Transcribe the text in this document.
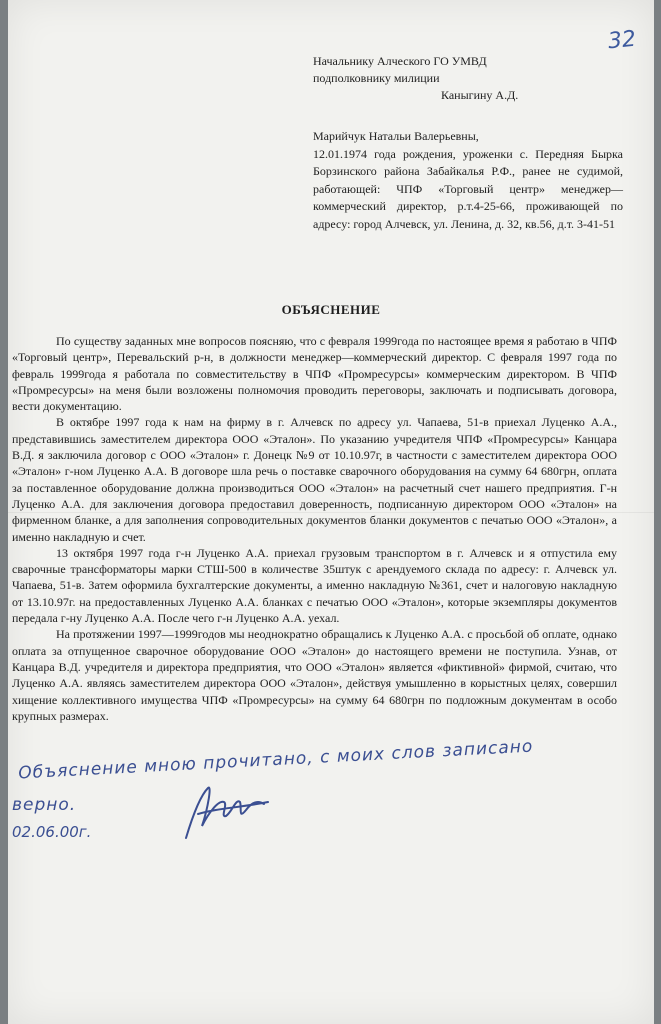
32
Начальнику Алческого ГО УМВД
подполковнику милиции
Каныгину А.Д.

Марийчук Натальи Валерьевны,

12.01.1974 года рождения, уроженки с. Передняя Бырка Борзинского района Забайкалья Р.Ф., ранее не судимой, работающей: ЧПФ «Торговый центр» менеджер—коммерческий директор, р.т.4-25-66, проживающей по адресу: город Алчевск, ул. Ленина, д. 32, кв.56, д.т. 3-41-51

ОБЪЯСНЕНИЕ

По существу заданных мне вопросов поясняю, что с февраля 1999года по настоящее время я работаю в ЧПФ «Торговый центр», Перевальский р-н, в должности менеджер—коммерческий директор. С февраля 1997 года по февраль 1999года я работала по совместительству в ЧПФ «Промресурсы» коммерческим директором. В ЧПФ «Промресурсы» на меня были возложены полномочия проводить переговоры, заключать и подписывать договора, вести документацию.

В октябре 1997 года к нам на фирму в г. Алчевск по адресу ул. Чапаева, 51-в приехал Луценко А.А., представившись заместителем директора ООО «Эталон». По указанию учредителя ЧПФ «Промресурсы» Канцара В.Д. я заключила договор с ООО «Эталон» г. Донецк №9 от 10.10.97г, в частности с заместителем директора ООО «Эталон» г-ном Луценко А.А. В договоре шла речь о поставке сварочного оборудования на сумму 64 680грн, оплата за поставленное оборудование должна производиться ООО «Эталон» на расчетный счет нашего предприятия. Г-н Луценко А.А. для заключения договора предоставил доверенность, подписанную директором ООО «Эталон» на фирменном бланке, а для заполнения сопроводительных документов бланки документов с печатью ООО «Эталон», а именно накладную и счет.

13 октября 1997 года г-н Луценко А.А. приехал грузовым транспортом в г. Алчевск и я отпустила ему сварочные трансформаторы марки СТШ-500 в количестве 35штук с арендуемого склада по адресу: г. Алчевск ул. Чапаева, 51-в. Затем оформила бухгалтерские документы, а именно накладную №361, счет и налоговую накладную от 13.10.97г. на предоставленных Луценко А.А. бланках с печатью ООО «Эталон», которые экземпляры документов передала г-ну Луценко А.А. После чего г-н Луценко А.А. уехал.

На протяжении 1997—1999годов мы неоднократно обращались к Луценко А.А. с просьбой об оплате, однако оплата за отпущенное сварочное оборудование ООО «Эталон» до настоящего времени не поступила. Узнав, от Канцара В.Д. учредителя и директора предприятия, что ООО «Эталон» является «фиктивной» фирмой, считаю, что Луценко А.А. являясь заместителем директора ООО «Эталон», действуя умышленно в корыстных целях, совершил хищение коллективного имущества ЧПФ «Промресурсы» на сумму 64 680грн по подложным документам в особо крупных размерах.

Объяснение мною прочитано, с моих слов записано
верно.
02.06.00г.
